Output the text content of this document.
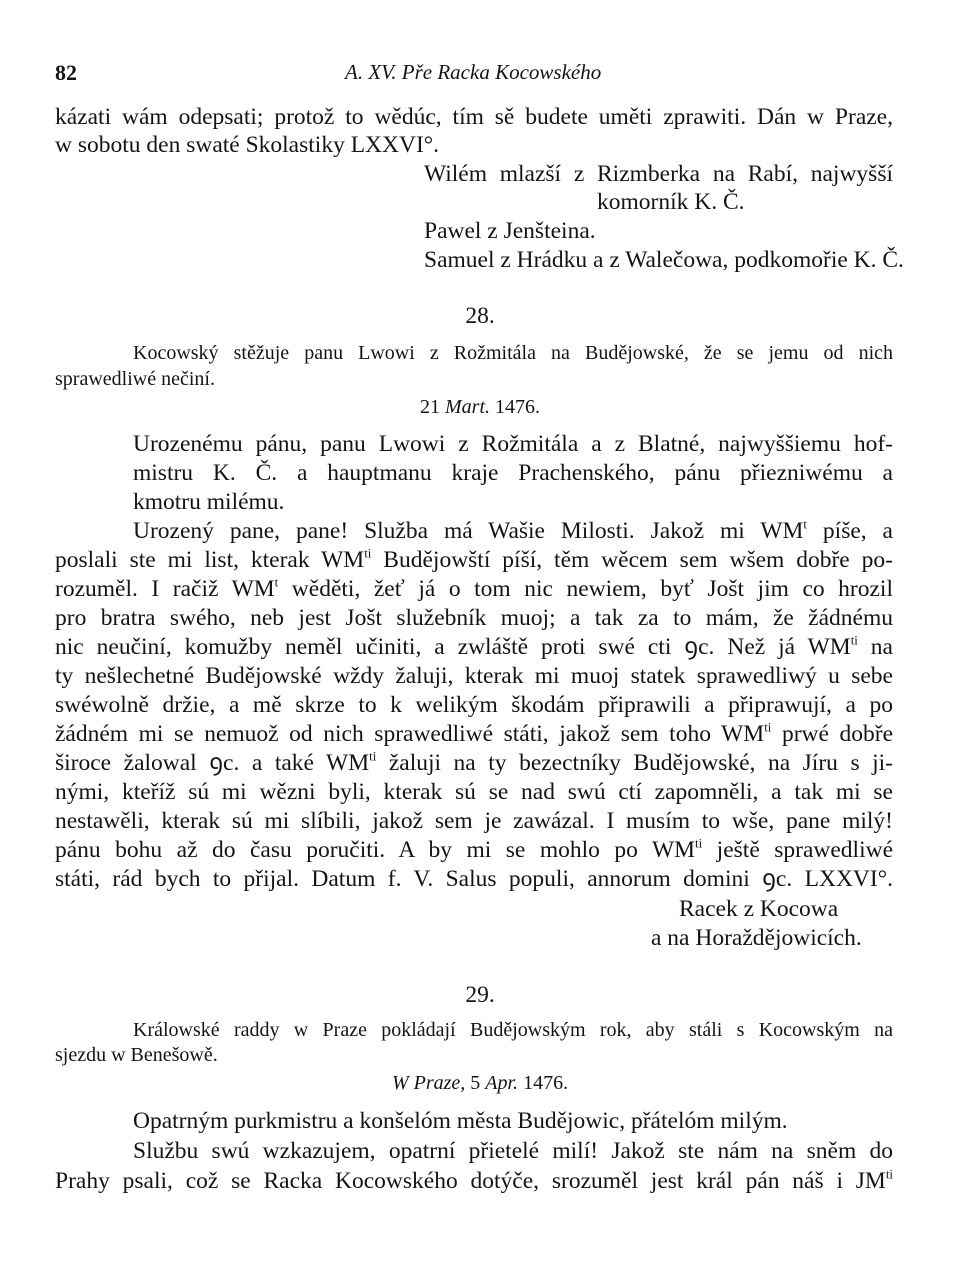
82	A. XV. Pře Racka Kocowského
kázati wám odepsati; protož to wědúc, tím sě budete uměti zprawiti. Dán w Praze,
w sobotu den swaté Skolastiky LXXVI°.
Wilém mlazší z Rizmberka na Rabí, najwyšší
komorník K. Č.
Pawel z Jenšteina.
Samuel z Hrádku a z Walečowa, podkomořie K. Č.
28.
Kocowský stěžuje panu Lwowi z Rožmitála na Budějowské, že se jemu od nich
sprawedliwé nečiní.
21 Mart. 1476.
Urozenému pánu, panu Lwowi z Rožmitála a z Blatné, najwyššiemu hof-
mistru K. Č. a hauptmanu kraje Prachenského, pánu přiezniwému a
kmotru milému.
Urozený pane, pane! Služba má Wašie Milosti. Jakož mi $WM^t$ píše, a
poslali ste mi list, kterak $WM^{ti}$ Budějowští píší, těm wěcem sem wšem dobře po-
rozuměl. I račiž $WM^t$ wěděti, žeť já o tom nic newiem, byť Jošt jim co hrozil
pro bratra swého, neb jest Jošt služebník muoj; a tak za to mám, že žádnému
nic neučiní, komužby neměl učiniti, a zwláště proti swé cti ꝯc. Než já $WM^{ti}$ na
ty nešlechetné Budějowské wždy žaluji, kterak mi muoj statek sprawedliwý u sebe
swéwolně držie, a mě skrze to k welikým škodám připrawili a připrawují, a po
žádném mi se nemuož od nich sprawedliwé státi, jakož sem toho $WM^{ti}$ prwé dobře
široce žalowal ꝯc. a také $WM^{ti}$ žaluji na ty bezectníky Budějowské, na Jíru s ji-
nými, kteříž sú mi wězni byli, kterak sú se nad swú ctí zapomněli, a tak mi se
nestawěli, kterak sú mi slíbili, jakož sem je zawázal. I musím to wše, pane milý!
pánu bohu až do času poručiti. A by mi se mohlo po $WM^{ti}$ ještě sprawedliwé
státi, rád bych to přijal. Datum f. V. Salus populi, annorum domini ꝯc. LXXVI°.
Racek z Kocowa
a na Horaždějowicích.
29.
Králowské raddy w Praze pokládají Budějowským rok, aby stáli s Kocowským na
sjezdu w Benešowě.
W Praze, 5 Apr. 1476.
Opatrným purkmistru a konšelóm města Budějowic, přátelóm milým.
Službu swú wzkazujem, opatrní přietelé milí! Jakož ste nám na sněm do
Prahy psali, což se Racka Kocowského dotýče, srozuměl jest král pán náš i $JM^{ti}$
